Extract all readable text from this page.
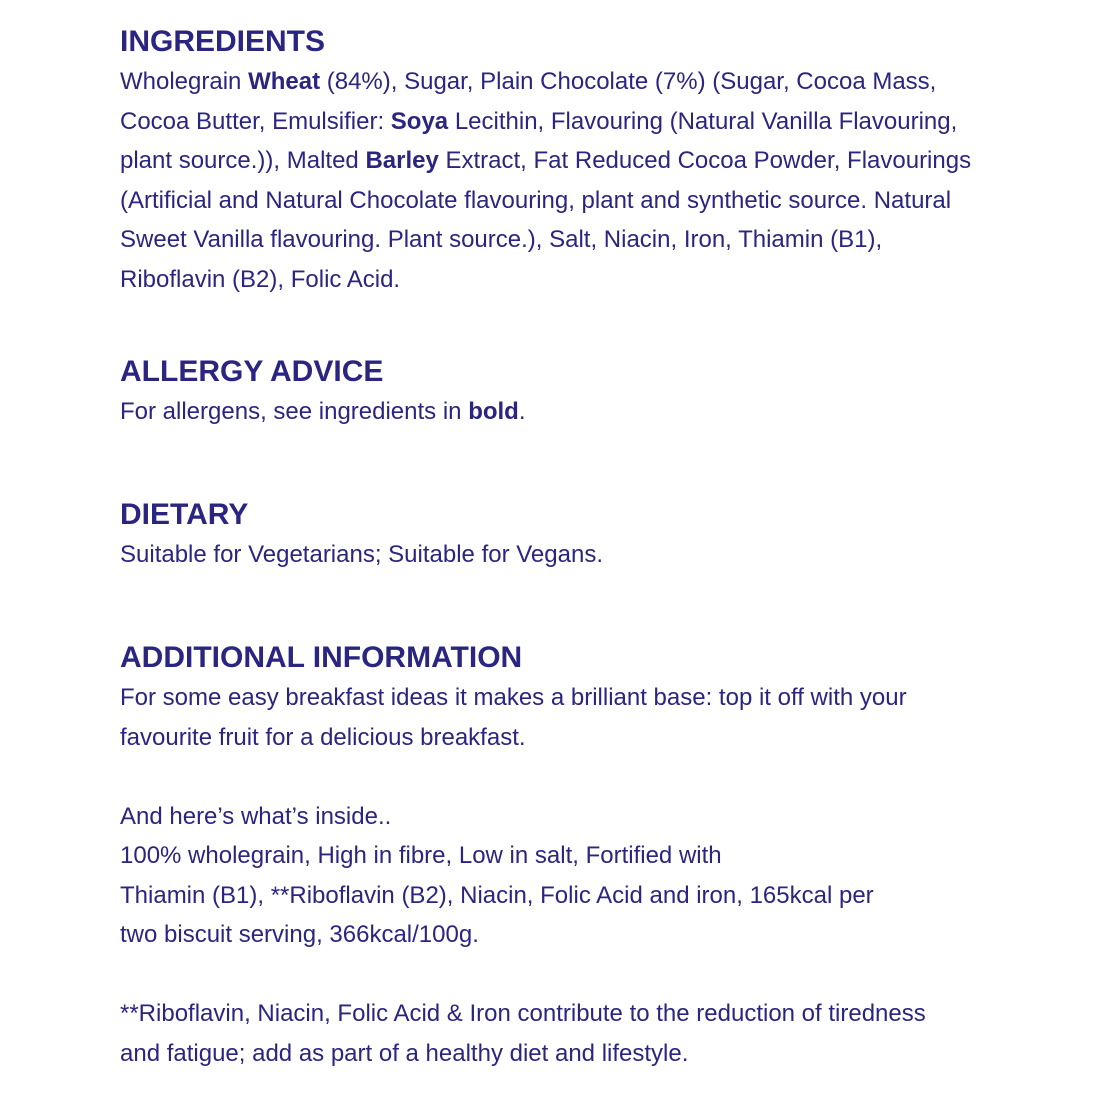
INGREDIENTS

Wholegrain Wheat (84%), Sugar, Plain Chocolate (7%) (Sugar, Cocoa Mass,
Cocoa Butter, Emulsifier: Soya Lecithin, Flavouring (Natural Vanilla Flavouring,
plant source.)), Malted Barley Extract, Fat Reduced Cocoa Powder, Flavourings
(Artificial and Natural Chocolate flavouring, plant and synthetic source. Natural
Sweet Vanilla flavouring. Plant source.), Salt, Niacin, Iron, Thiamin (B1),
Riboflavin (B2), Folic Acid.

ALLERGY ADVICE

For allergens, see ingredients in bold.

DIETARY

Suitable for Vegetarians; Suitable for Vegans.

ADDITIONAL INFORMATION

For some easy breakfast ideas it makes a brilliant base: top it off with your
favourite fruit for a delicious breakfast.

And here’s what’s inside..
100% wholegrain, High in fibre, Low in salt, Fortified with
Thiamin (B1), **Riboflavin (B2), Niacin, Folic Acid and iron, 165kcal per
two biscuit serving, 366kcal/100g.

**Riboflavin, Niacin, Folic Acid & Iron contribute to the reduction of tiredness
and fatigue; add as part of a healthy diet and lifestyle.
